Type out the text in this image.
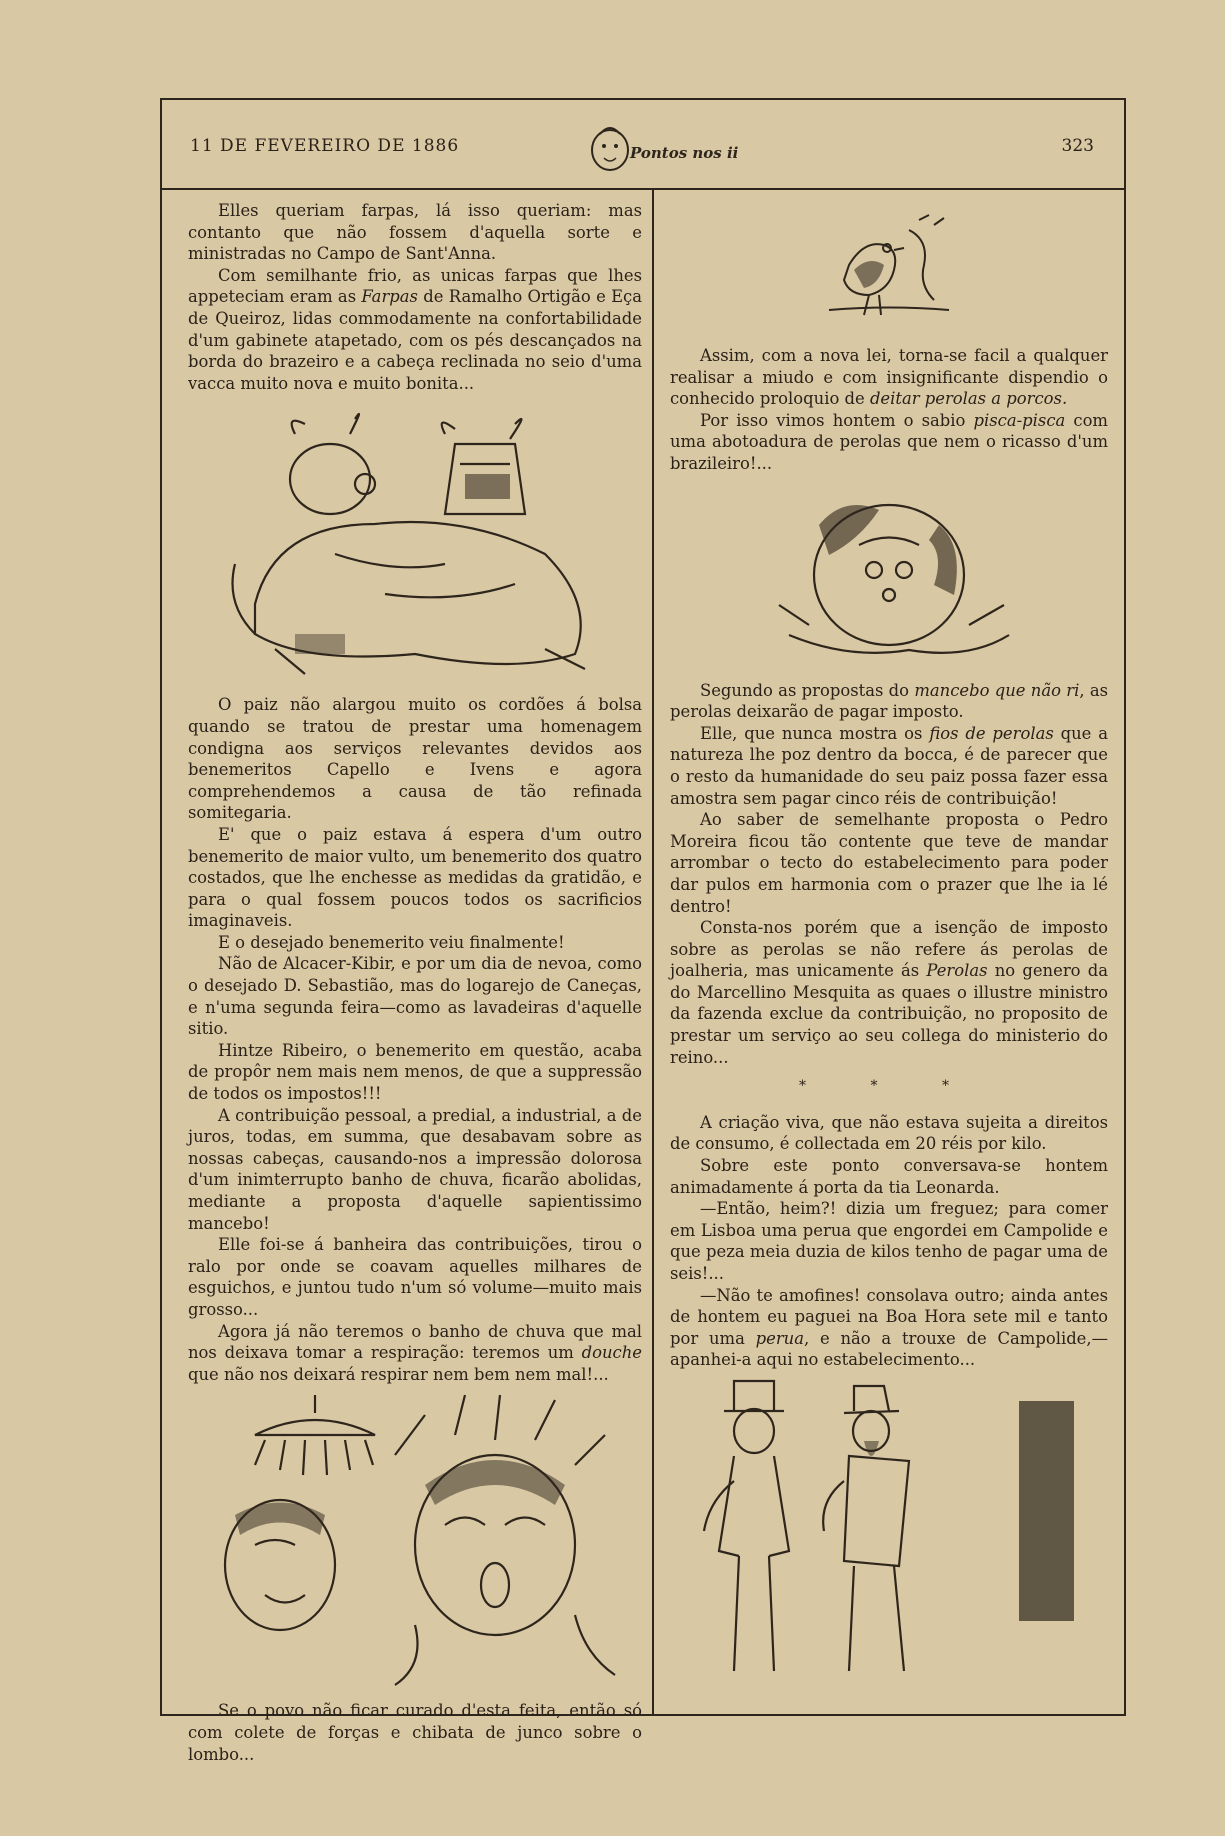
11 DE FEVEREIRO DE 1886	Pontos nos ii	323

Elles queriam farpas, lá isso queriam: mas contanto que não fossem d'aquella sorte e ministradas no Campo de Sant'Anna.

Com semilhante frio, as unicas farpas que lhes appeteciam eram as Farpas de Ramalho Ortigão e Eça de Queiroz, lidas commodamente na confortabilidade d'um gabinete atapetado, com os pés descançados na borda do brazeiro e a cabeça reclinada no seio d'uma vacca muito nova e muito bonita...

O paiz não alargou muito os cordões á bolsa quando se tratou de prestar uma homenagem condigna aos serviços relevantes devidos aos benemeritos Capello e Ivens e agora comprehendemos a causa de tão refinada somitegaria.

E' que o paiz estava á espera d'um outro benemerito de maior vulto, um benemerito dos quatro costados, que lhe enchesse as medidas da gratidão, e para o qual fossem poucos todos os sacrificios imaginaveis.

E o desejado benemerito veiu finalmente!

Não de Alcacer-Kibir, e por um dia de nevoa, como o desejado D. Sebastião, mas do logarejo de Caneças, e n'uma segunda feira—como as lavadeiras d'aquelle sitio.

Hintze Ribeiro, o benemerito em questão, acaba de propôr nem mais nem menos, de que a suppressão de todos os impostos!!!

A contribuição pessoal, a predial, a industrial, a de juros, todas, em summa, que desabavam sobre as nossas cabeças, causando-nos a impressão dolorosa d'um inimterrupto banho de chuva, ficarão abolidas, mediante a proposta d'aquelle sapientissimo mancebo!

Elle foi-se á banheira das contribuições, tirou o ralo por onde se coavam aquelles milhares de esguichos, e juntou tudo n'um só volume—muito mais grosso...

Agora já não teremos o banho de chuva que mal nos deixava tomar a respiração: teremos um douche que não nos deixará respirar nem bem nem mal!...

Se o povo não ficar curado d'esta feita, então só com colete de forças e chibata de junco sobre o lombo...

Assim, com a nova lei, torna-se facil a qualquer realisar a miudo e com insignificante dispendio o conhecido proloquio de deitar perolas a porcos.

Por isso vimos hontem o sabio pisca-pisca com uma abotoadura de perolas que nem o ricasso d'um brazileiro!...

Segundo as propostas do mancebo que não ri, as perolas deixarão de pagar imposto.

Elle, que nunca mostra os fios de perolas que a natureza lhe poz dentro da bocca, é de parecer que o resto da humanidade do seu paiz possa fazer essa amostra sem pagar cinco réis de contribuição!

Ao saber de semelhante proposta o Pedro Moreira ficou tão contente que teve de mandar arrombar o tecto do estabelecimento para poder dar pulos em harmonia com o prazer que lhe ia lé dentro!

Consta-nos porém que a isenção de imposto sobre as perolas se não refere ás perolas de joalheria, mas unicamente ás Perolas no genero da do Marcellino Mesquita as quaes o illustre ministro da fazenda exclue da contribuição, no proposito de prestar um serviço ao seu collega do ministerio do reino...

* * *

A criação viva, que não estava sujeita a direitos de consumo, é collectada em 20 réis por kilo.

Sobre este ponto conversava-se hontem animadamente á porta da tia Leonarda.

—Então, heim?! dizia um freguez; para comer em Lisboa uma perua que engordei em Campolide e que peza meia duzia de kilos tenho de pagar uma de seis!...

—Não te amofines! consolava outro; ainda antes de hontem eu paguei na Boa Hora sete mil e tanto por uma perua, e não a trouxe de Campolide,—apanhei-a aqui no estabelecimento...
